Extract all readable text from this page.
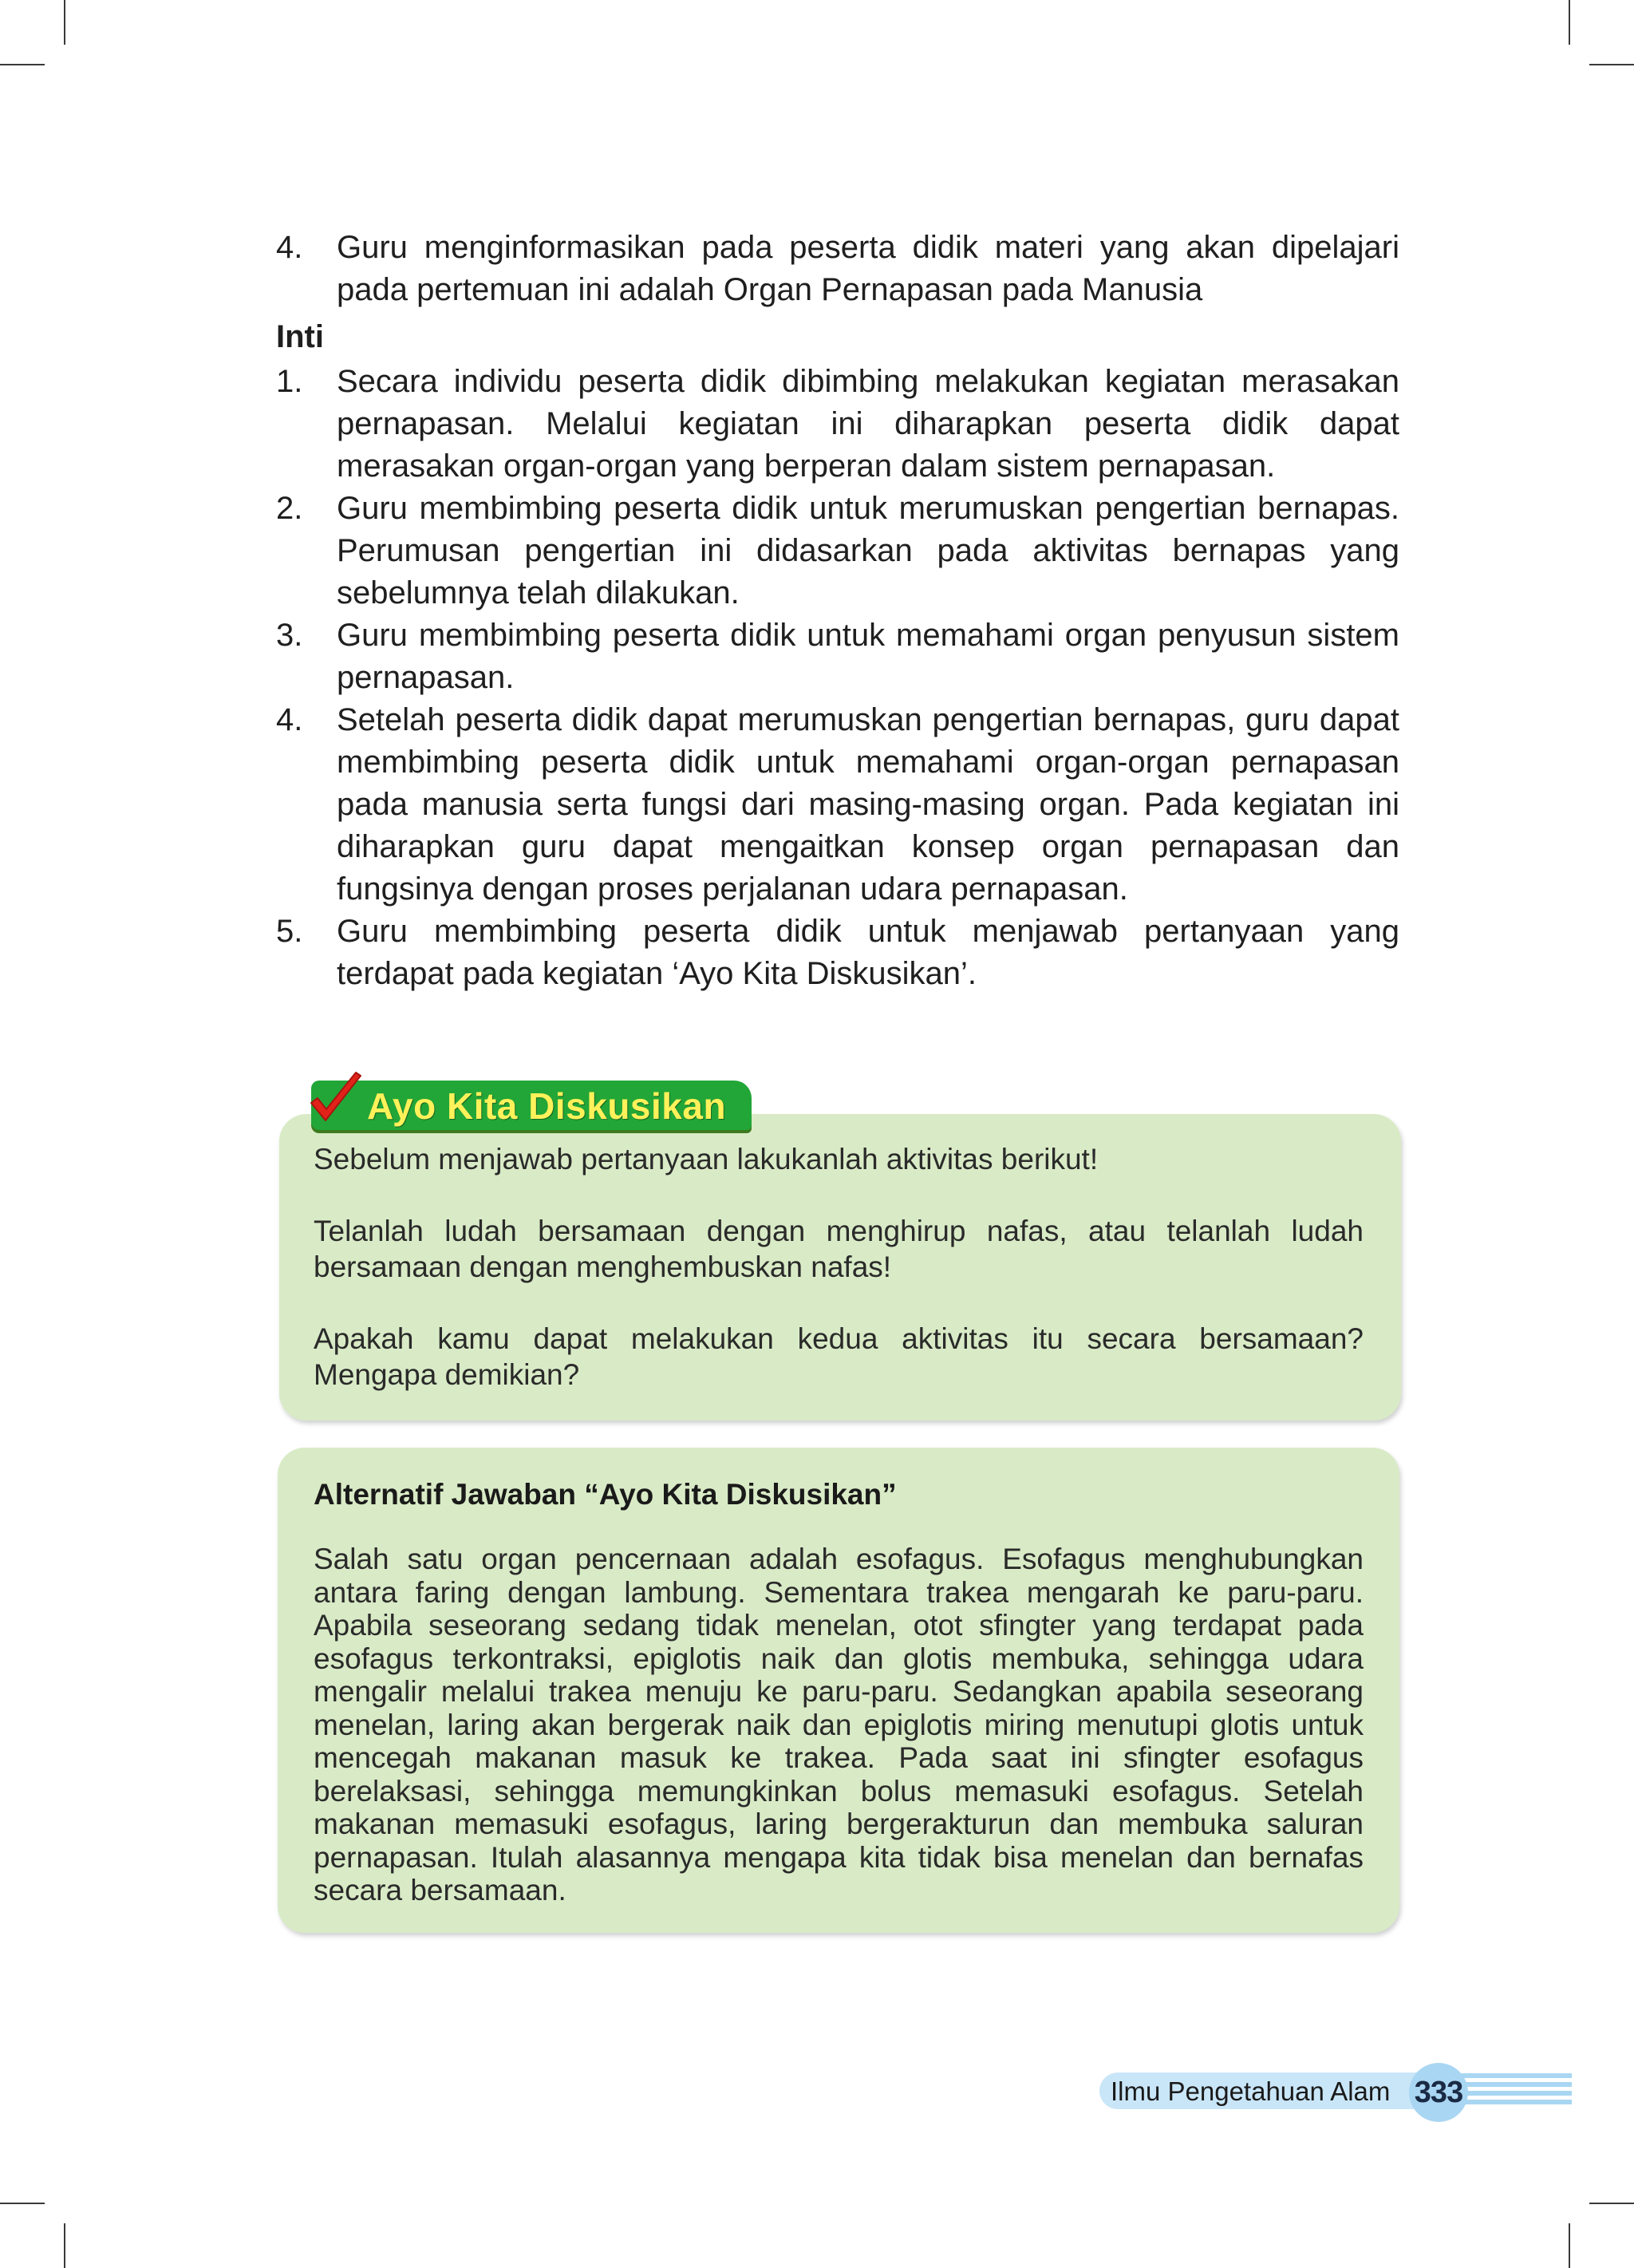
4.	Guru menginformasikan pada peserta didik materi yang akan dipelajari pada pertemuan ini adalah Organ Pernapasan pada Manusia
Inti
1.	Secara individu peserta didik dibimbing melakukan kegiatan merasakan pernapasan. Melalui kegiatan ini diharapkan peserta didik dapat merasakan organ-organ yang berperan dalam sistem pernapasan.
2.	Guru membimbing peserta didik untuk merumuskan pengertian bernapas. Perumusan pengertian ini didasarkan pada aktivitas bernapas yang sebelumnya telah dilakukan.
3.	Guru membimbing peserta didik untuk memahami organ penyusun sistem pernapasan.
4.	Setelah peserta didik dapat merumuskan pengertian bernapas, guru dapat membimbing peserta didik untuk memahami organ-organ pernapasan pada manusia serta fungsi dari masing-masing organ. Pada kegiatan ini diharapkan guru dapat mengaitkan konsep organ pernapasan dan fungsinya dengan proses perjalanan udara pernapasan.
5.	Guru membimbing peserta didik untuk menjawab pertanyaan yang terdapat pada kegiatan ‘Ayo Kita Diskusikan’.
Ayo Kita Diskusikan
Sebelum menjawab pertanyaan lakukanlah aktivitas berikut!
Telanlah ludah bersamaan dengan menghirup nafas, atau telanlah ludah bersamaan dengan menghembuskan nafas!
Apakah kamu dapat melakukan kedua aktivitas itu secara bersamaan? Mengapa demikian?
Alternatif Jawaban “Ayo Kita Diskusikan”
Salah satu organ pencernaan adalah esofagus. Esofagus menghubungkan antara faring dengan lambung. Sementara trakea mengarah ke paru-paru. Apabila seseorang sedang tidak menelan, otot sfingter yang terdapat pada esofagus terkontraksi, epiglotis naik dan glotis membuka, sehingga udara mengalir melalui trakea menuju ke paru-paru. Sedangkan apabila seseorang menelan, laring akan bergerak naik dan epiglotis miring menutupi glotis untuk mencegah makanan masuk ke trakea. Pada saat ini sfingter esofagus berelaksasi, sehingga memungkinkan bolus memasuki esofagus. Setelah makanan memasuki esofagus, laring bergerakturun dan membuka saluran pernapasan. Itulah alasannya mengapa kita tidak bisa menelan dan bernafas secara bersamaan.
Ilmu Pengetahuan Alam 333
